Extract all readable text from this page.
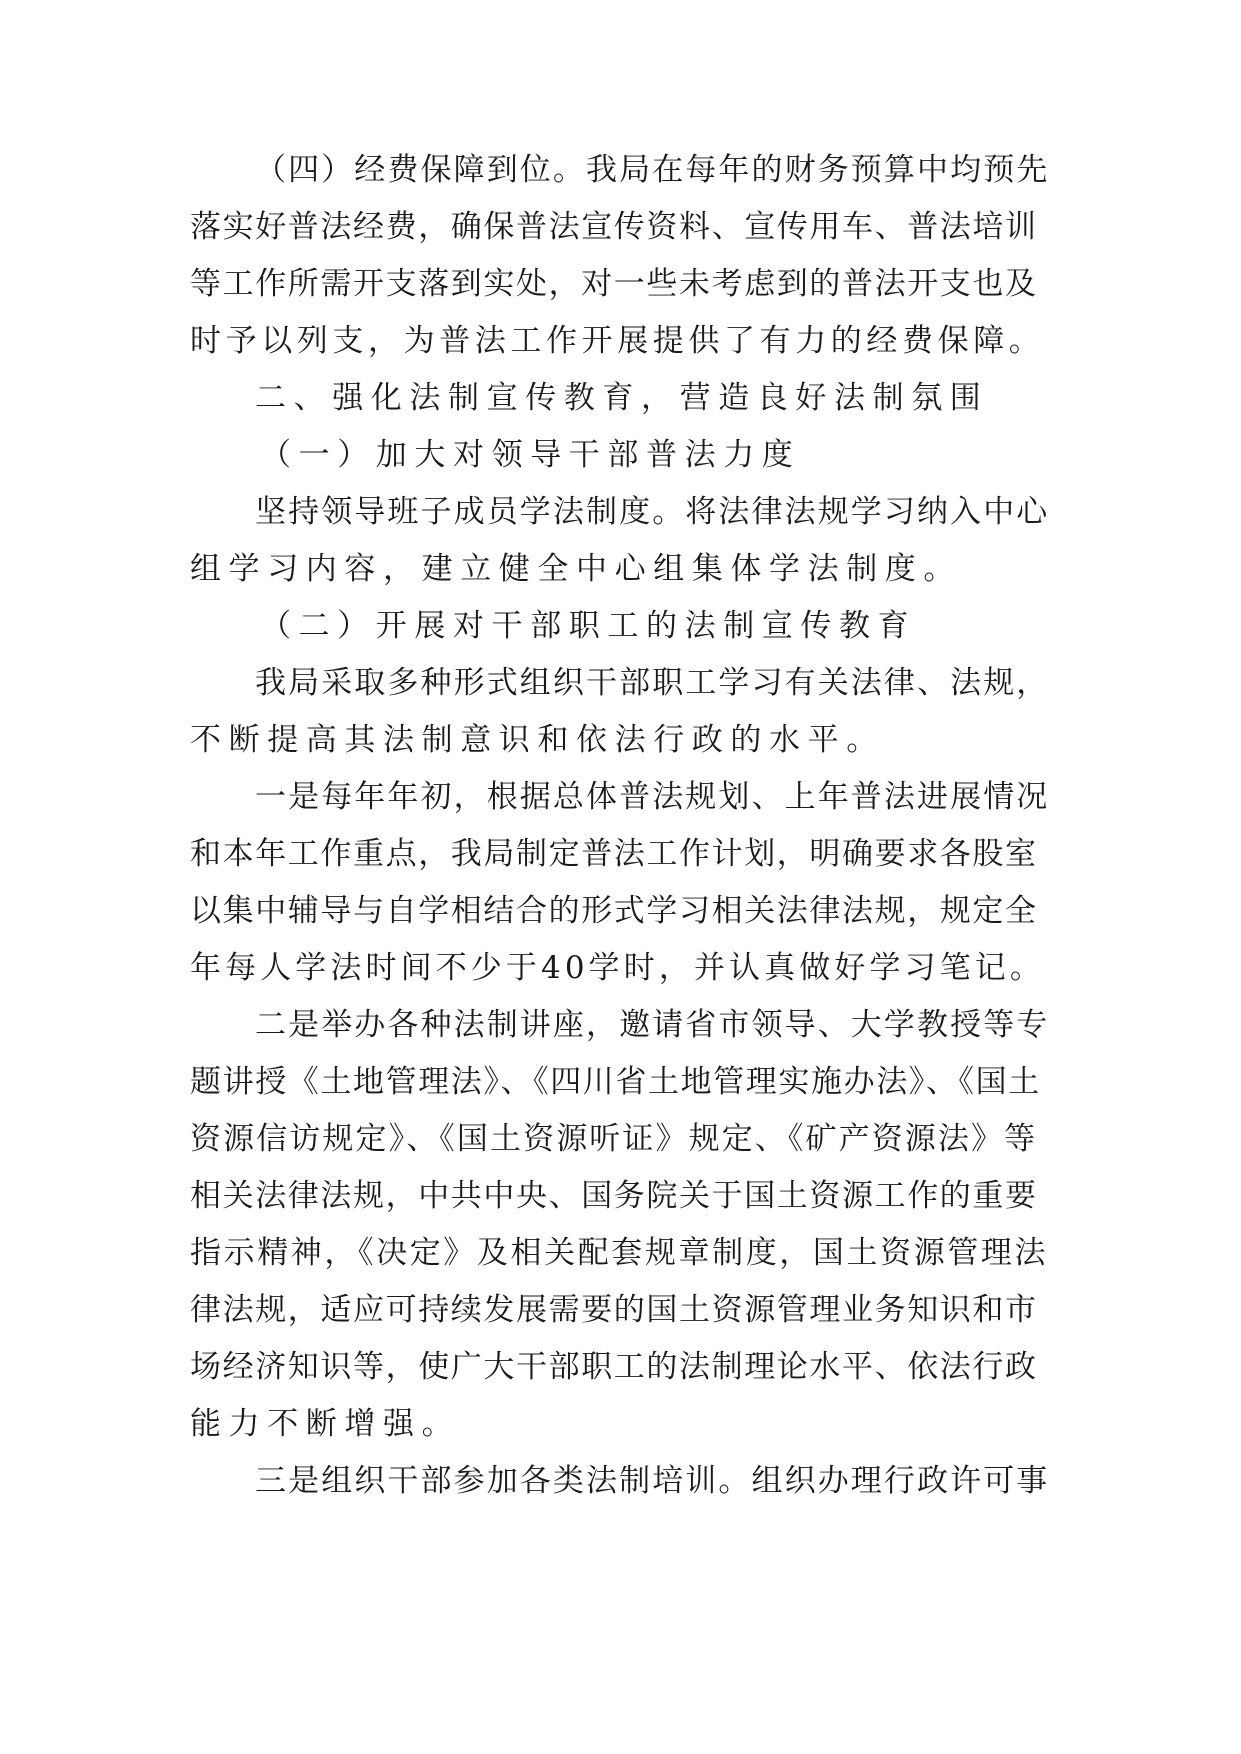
（四）经费保障到位。我局在每年的财务预算中均预先
落实好普法经费，确保普法宣传资料、宣传用车、普法培训
等工作所需开支落到实处，对一些未考虑到的普法开支也及
时予以列支，为普法工作开展提供了有力的经费保障。
二、强化法制宣传教育，营造良好法制氛围
（一）加大对领导干部普法力度
坚持领导班子成员学法制度。将法律法规学习纳入中心
组学习内容，建立健全中心组集体学法制度。
（二）开展对干部职工的法制宣传教育
我局采取多种形式组织干部职工学习有关法律、法规，
不断提高其法制意识和依法行政的水平。
一是每年年初，根据总体普法规划、上年普法进展情况
和本年工作重点，我局制定普法工作计划，明确要求各股室
以集中辅导与自学相结合的形式学习相关法律法规，规定全
年每人学法时间不少于40学时，并认真做好学习笔记。
二是举办各种法制讲座，邀请省市领导、大学教授等专
题讲授《土地管理法》、《四川省土地管理实施办法》、《国土
资源信访规定》、《国土资源听证》规定、《矿产资源法》等
相关法律法规，中共中央、国务院关于国土资源工作的重要
指示精神，《决定》及相关配套规章制度，国土资源管理法
律法规，适应可持续发展需要的国土资源管理业务知识和市
场经济知识等，使广大干部职工的法制理论水平、依法行政
能力不断增强。
三是组织干部参加各类法制培训。组织办理行政许可事
